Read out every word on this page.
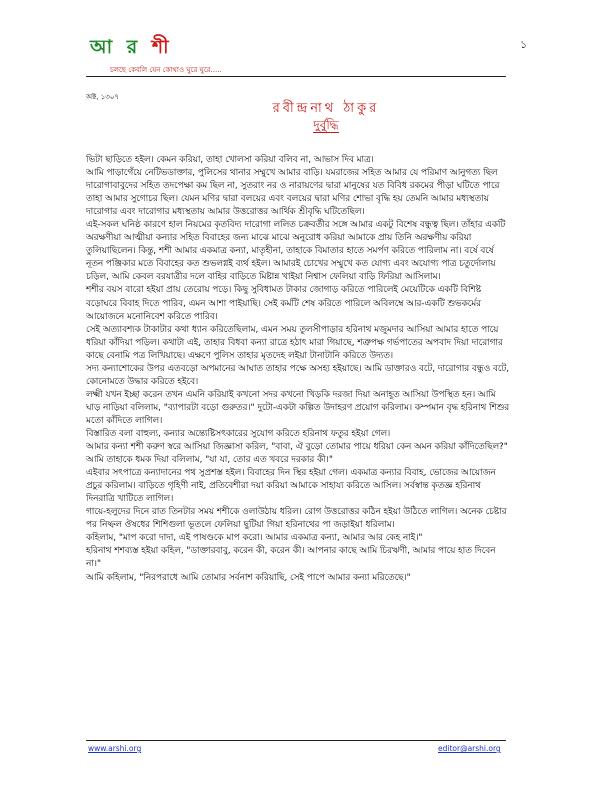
আ র শী
চলছে কেবলি যেন কোথাও ঘুরে ঘুরে.....
১
অক্ট, ১৩০৭
রবীন্দ্রনাথ ঠাকুর
দুর্বুদ্ধি

ভিটা ছাড়িতে হইল। কেমন করিয়া, তাহা খোলসা করিয়া বলিব না, আভাস দিব মাত্র।

আমি পাড়াগেঁয়ে নেটিভডাক্তার, পুলিসের থানার সম্মুখে আমার বাড়ি। যমরাজের সহিত আমার যে পরিমাণ আনুগত্য ছিল দারোগাবাবুদের সহিত তদপেক্ষা কম ছিল না, সুতরাং নর ও নারায়ণের দ্বারা মানুষের যত বিবিধ রকমের পীড়া ঘটিতে পারে তাহা আমার সুগোচর ছিল। যেমন মণির দ্বারা বলয়ের এবং বলয়ের দ্বারা মণির শোভা বৃদ্ধি হয় তেমনি আমার মধ্যস্থতায় দারোগার এবং দারোগার মধ্যস্থতায় আমার উত্তরোত্তর আর্থিক শ্রীবৃদ্ধি ঘটিতেছিল।

এই-সকল ঘনিষ্ঠ কারণে হাল নিয়মের কৃতবিদ্য দারোগা ললিত চক্রবর্তীর সঙ্গে আমার একটু বিশেষ বন্ধুত্ব ছিল। তাঁহার একটি অরক্ষণীয়া আত্মীয়া কন্যার সহিত বিবাহের জন্য মাঝে মাঝে অনুরোধ করিয়া আমাকে প্রায় তিনি অরক্ষণীয় করিয়া তুলিয়াছিলেন। কিন্তু, শশী আমার একমাত্র কন্যা, মাতৃহীনা, তাহাকে বিমাতার হাতে সমর্পণ করিতে পারিলাম না। বর্ষে বর্ষে নূতন পঞ্জিকার মতে বিবাহের কত শুভলগ্নই ব্যর্থ হইল। আমারই চোখের সম্মুখে কত যোগ্য এবং অযোগ্য পাত্র চতুর্দোলায় চড়িল, আমি কেবল বরযাত্রীর দলে বাহির বাড়িতে মিষ্টান্ন খাইয়া নিশ্বাস ফেলিয়া বাড়ি ফিরিয়া আসিলাম।

শশীর বয়স বারো হইয়া প্রায় তেরোয় পড়ে। কিছু সুবিধামত টাকার জোগাড় করিতে পারিলেই মেয়েটিকে একটি বিশিষ্ট বড়োঘরে বিবাহ দিতে পারিব, এমন আশা পাইয়াছি। সেই কর্মটি শেষ করিতে পারিলে অবিলম্বে আর-একটি শুভকর্মের আয়োজনে মনোনিবেশ করিতে পারিব।

সেই অত্যাবশ্যক টাকাটার কথা ধ্যান করিতেছিলাম, এমন সময় তুলসীপাড়ার হরিনাথ মজুমদার আসিয়া আমার হাতে পায়ে ধরিয়া কাঁদিয়া পড়িল। কথাটা এই, তাহার বিধবা কন্যা রাত্রে হঠাৎ মারা গিয়াছে, শত্রুপক্ষ গর্ভপাতের অপবাদ দিয়া দারোগার কাছে বেনামি পত্র লিখিয়াছে। এক্ষণে পুলিস তাহার মৃতদেহ লইয়া টানাটানি করিতে উদ্যত।

সদ্য কন্যাশোকের উপর এতবড়ো অপমানের আঘাত তাহার পক্ষে অসহ্য হইয়াছে। আমি ডাক্তারও বটে, দারোগার বন্ধুও বটে, কোনোমতে উদ্ধার করিতে হইবে।

লক্ষ্মী যখন ইচ্ছা করেন তখন এমনি করিয়াই কখনো সদর কখনো খিড়কি দরজা দিয়া অনাহূত আসিয়া উপস্থিত হন। আমি ঘাড় নাড়িয়া বলিলাম, "ব্যাপারটা বড়ো গুরুতর।" দুটো-একটা কল্পিত উদাহরণ প্রয়োগ করিলাম। কম্পমান বৃদ্ধ হরিনাথ শিশুর মতো কাঁদিতে লাগিল।

বিস্তারিত বলা বাহুল্য, কন্যার অন্ত্যেষ্টিসৎকারের সুযোগ করিতে হরিনাথ ফতুর হইয়া গেল।

আমার কন্যা শশী করুণ স্বরে আসিয়া জিজ্ঞাসা করিল, "বাবা, ঐ বুড়ো তোমার পায়ে ধরিয়া কেন অমন করিয়া কাঁদিতেছিল?" আমি তাহাকে ধমক দিয়া বলিলাম, "যা যা, তোর এত খবরে দরকার কী।"

এইবার সৎপাত্রে কন্যাদানের পথ সুপ্রশস্ত হইল। বিবাহের দিন স্থির হইয়া গেল। একমাত্র কন্যার বিবাহ, ভোজের আয়োজন প্রচুর করিলাম। বাড়িতে গৃহিণী নাই, প্রতিবেশীরা দয়া করিয়া আমাকে সাহায্য করিতে আসিল। সর্বস্বান্ত কৃতজ্ঞ হরিনাথ দিনরাত্রি খাটিতে লাগিল।

গায়ে-হলুদের দিনে রাত তিনটার সময় শশীকে ওলাউঠায় ধরিল। রোগ উত্তরোত্তর কঠিন হইয়া উঠিতে লাগিল। অনেক চেষ্টার পর নিষ্ফল ঔষধের শিশিগুলা ভূতলে ফেলিয়া ছুটিয়া গিয়া হরিনাথের পা জড়াইয়া ধরিলাম।

কহিলাম, "মাপ করো দাদা, এই পাষণ্ডকে মাপ করো। আমার একমাত্র কন্যা, আমার আর কেহ নাই।"

হরিনাথ শশব্যস্ত হইয়া কহিল, "ডাক্তারবাবু, করেন কী, করেন কী। আপনার কাছে আমি চিরঋণী, আমার পায়ে হাত দিবেন না।"

আমি কহিলাম, "নিরপরাধে আমি তোমার সর্বনাশ করিয়াছি, সেই পাপে আমার কন্যা মরিতেছে।"

www.arshi.org	editor@arshi.org
